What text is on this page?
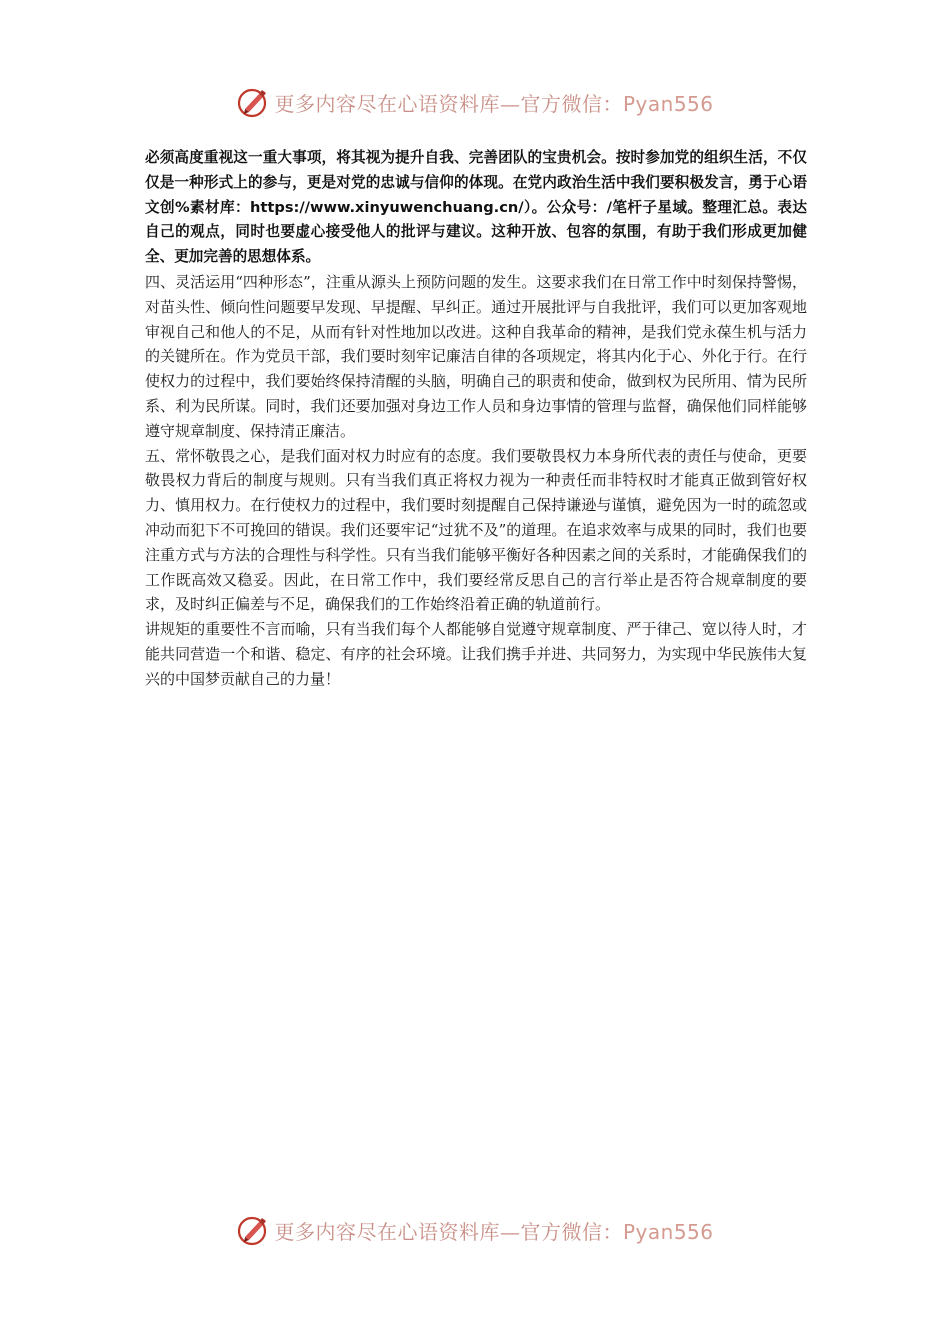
更多内容尽在心语资料库—官方微信：Pyan556

必须高度重视这一重大事项，将其视为提升自我、完善团队的宝贵机会。按时参加党的组织生活，不仅仅是一种形式上的参与，更是对党的忠诚与信仰的体现。在党内政治生活中我们要积极发言，勇于心语文创%素材库：https://www.xinyuwenchuang.cn/）。公众号：/笔杆子星域。整理汇总。表达自己的观点，同时也要虚心接受他人的批评与建议。这种开放、包容的氛围，有助于我们形成更加健全、更加完善的思想体系。

四、灵活运用“四种形态”，注重从源头上预防问题的发生。这要求我们在日常工作中时刻保持警惕，对苗头性、倾向性问题要早发现、早提醒、早纠正。通过开展批评与自我批评，我们可以更加客观地审视自己和他人的不足，从而有针对性地加以改进。这种自我革命的精神，是我们党永葆生机与活力的关键所在。作为党员干部，我们要时刻牢记廉洁自律的各项规定，将其内化于心、外化于行。在行使权力的过程中，我们要始终保持清醒的头脑，明确自己的职责和使命，做到权为民所用、情为民所系、利为民所谋。同时，我们还要加强对身边工作人员和身边事情的管理与监督，确保他们同样能够遵守规章制度、保持清正廉洁。

五、常怀敬畏之心，是我们面对权力时应有的态度。我们要敬畏权力本身所代表的责任与使命，更要敬畏权力背后的制度与规则。只有当我们真正将权力视为一种责任而非特权时才能真正做到管好权力、慎用权力。在行使权力的过程中，我们要时刻提醒自己保持谦逊与谨慎，避免因为一时的疏忽或冲动而犯下不可挽回的错误。我们还要牢记“过犹不及”的道理。在追求效率与成果的同时，我们也要注重方式与方法的合理性与科学性。只有当我们能够平衡好各种因素之间的关系时，才能确保我们的工作既高效又稳妥。因此，在日常工作中，我们要经常反思自己的言行举止是否符合规章制度的要求，及时纠正偏差与不足，确保我们的工作始终沿着正确的轨道前行。

讲规矩的重要性不言而喻，只有当我们每个人都能够自觉遵守规章制度、严于律己、宽以待人时，才能共同营造一个和谐、稳定、有序的社会环境。让我们携手并进、共同努力，为实现中华民族伟大复兴的中国梦贡献自己的力量！

更多内容尽在心语资料库—官方微信：Pyan556
